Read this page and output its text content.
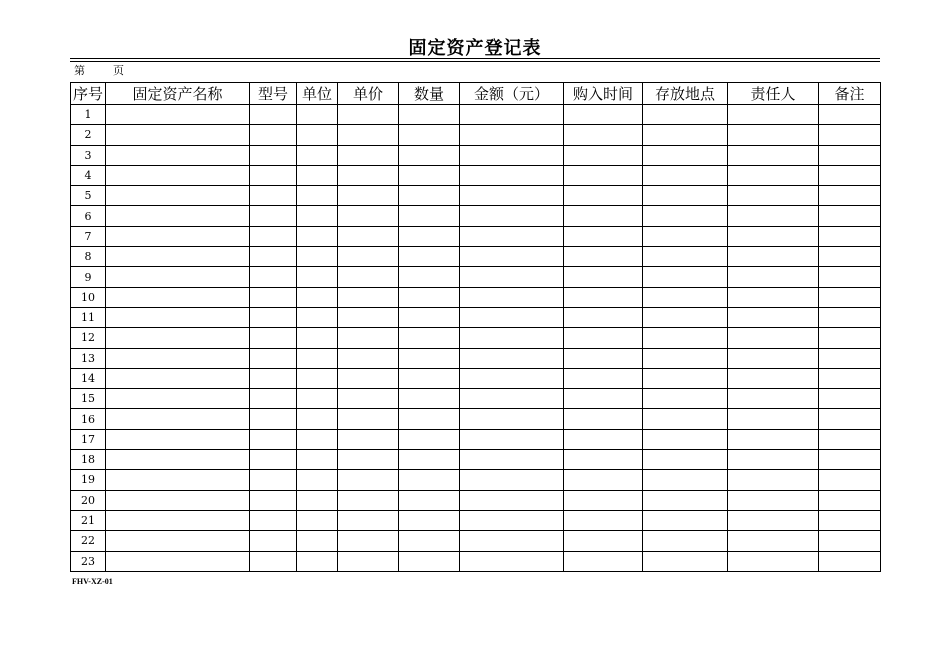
固定资产登记表
第	页
序号	固定资产名称	型号	单位	单价	数量	金额（元）	购入时间	存放地点	责任人	备注
1										
2										
3										
4										
5										
6										
7										
8										
9										
10										
11										
12										
13										
14										
15										
16										
17										
18										
19										
20										
21										
22										
23										
FHV-XZ-01
